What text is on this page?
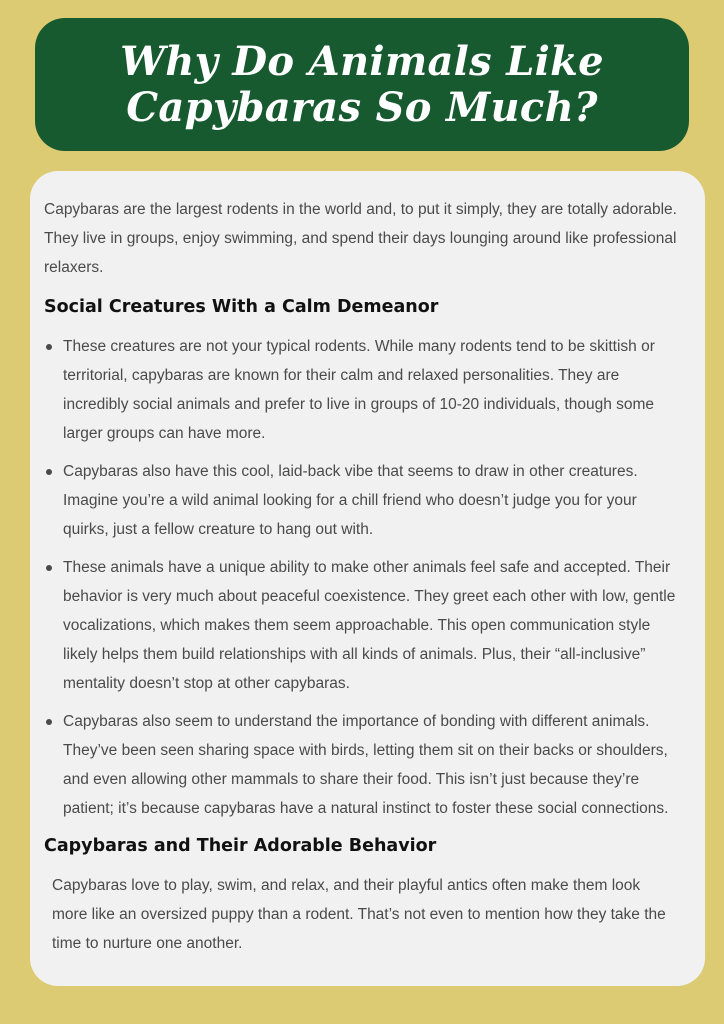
Why Do Animals Like Capybaras So Much?

Capybaras are the largest rodents in the world and, to put it simply, they are totally adorable. They live in groups, enjoy swimming, and spend their days lounging around like professional relaxers.

Social Creatures With a Calm Demeanor
These creatures are not your typical rodents. While many rodents tend to be skittish or territorial, capybaras are known for their calm and relaxed personalities. They are incredibly social animals and prefer to live in groups of 10-20 individuals, though some larger groups can have more.
Capybaras also have this cool, laid-back vibe that seems to draw in other creatures. Imagine you’re a wild animal looking for a chill friend who doesn’t judge you for your quirks, just a fellow creature to hang out with.
These animals have a unique ability to make other animals feel safe and accepted. Their behavior is very much about peaceful coexistence. They greet each other with low, gentle vocalizations, which makes them seem approachable. This open communication style likely helps them build relationships with all kinds of animals. Plus, their “all-inclusive” mentality doesn’t stop at other capybaras.
Capybaras also seem to understand the importance of bonding with different animals. They’ve been seen sharing space with birds, letting them sit on their backs or shoulders, and even allowing other mammals to share their food. This isn’t just because they’re patient; it’s because capybaras have a natural instinct to foster these social connections.
Capybaras and Their Adorable Behavior

Capybaras love to play, swim, and relax, and their playful antics often make them look more like an oversized puppy than a rodent. That’s not even to mention how they take the time to nurture one another.
